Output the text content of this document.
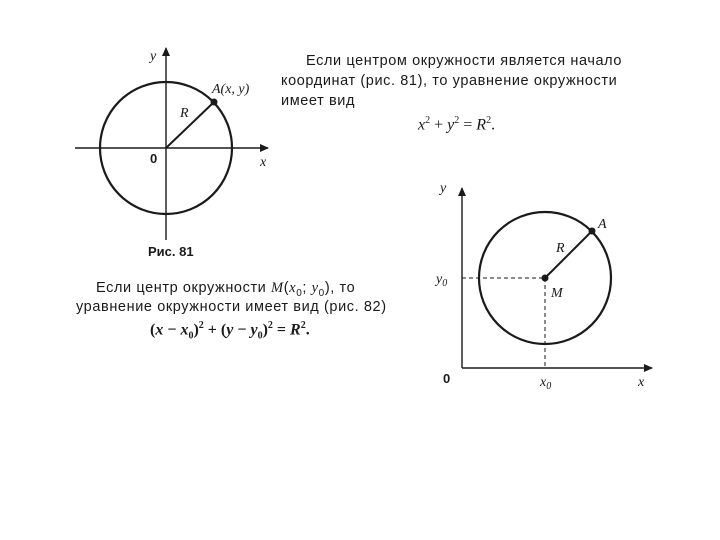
y
x
0
R
A(x, y)
Рис. 81
Если центром окружности является начало
координат (рис. 81), то уравнение окружности
имеет вид
$x^2 + y^2 = R^2$.
Если центр окружности $M(x_0$; $y_0$), то
уравнение окружности имеет вид (рис. 82)
$(x - x_0)^2 + (y - y_0)^2 = R^2$.
y
x
0
R
A
M
$y_0$
$x_0$
